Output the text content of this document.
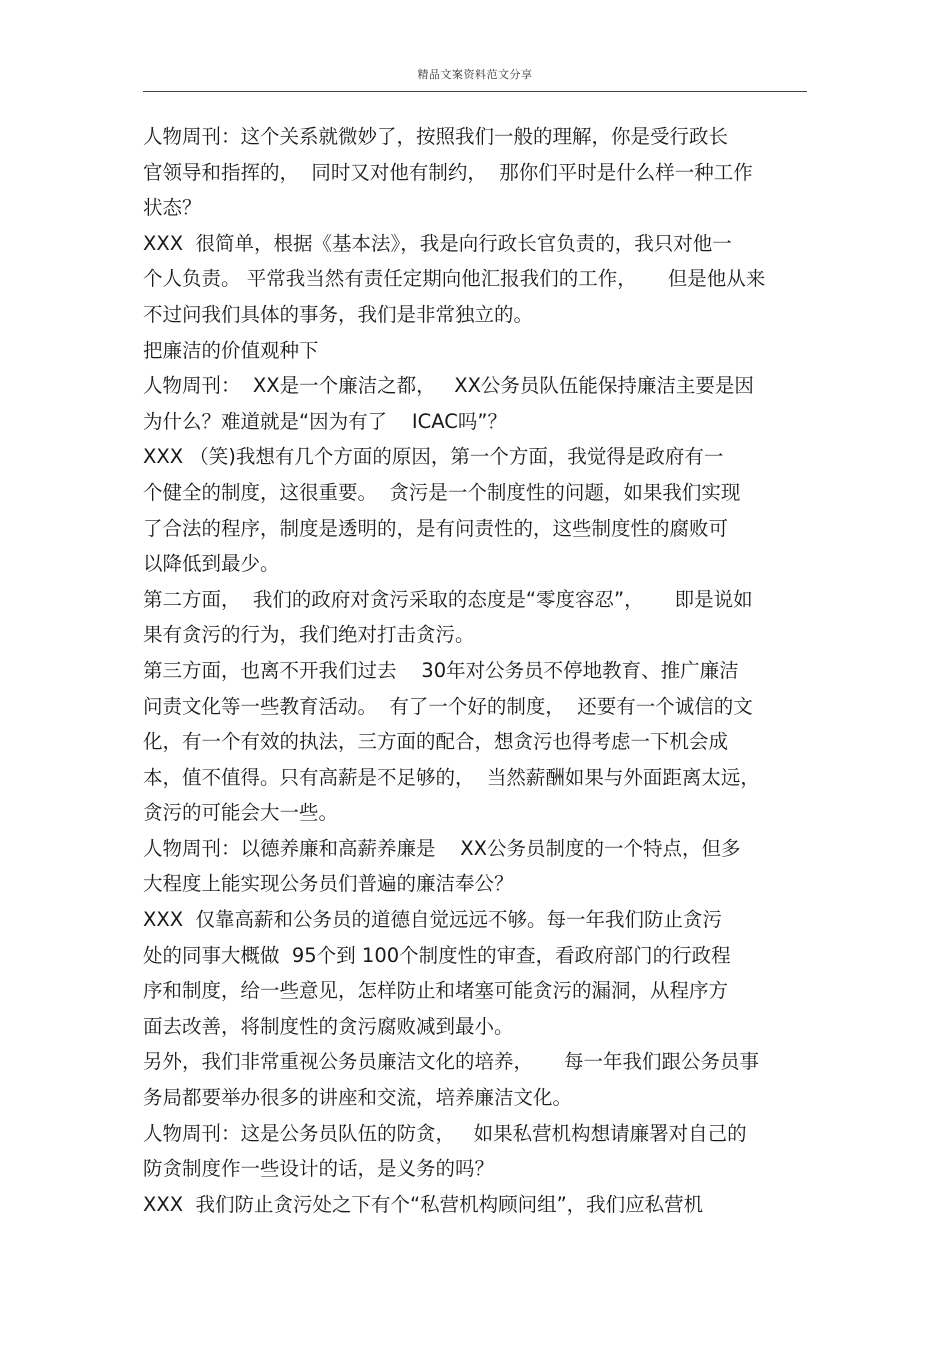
精品文案资料范文分享
人物周刊：这个关系就微妙了，按照我们一般的理解，你是受行政长
官领导和指挥的，  同时又对他有制约，  那你们平时是什么样一种工作
状态？
XXX  很简单，根据《基本法》，我是向行政长官负责的，我只对他一
个人负责。 平常我当然有责任定期向他汇报我们的工作，     但是他从来
不过问我们具体的事务，我们是非常独立的。
把廉洁的价值观种下
人物周刊：  XX是一个廉洁之都，   XX公务员队伍能保持廉洁主要是因
为什么？难道就是“因为有了    ICAC吗”？
XXX （笑)我想有几个方面的原因，第一个方面，我觉得是政府有一
个健全的制度，这很重要。  贪污是一个制度性的问题，如果我们实现
了合法的程序，制度是透明的，是有问责性的，这些制度性的腐败可
以降低到最少。
第二方面，  我们的政府对贪污采取的态度是“零度容忍”，     即是说如
果有贪污的行为，我们绝对打击贪污。
第三方面，也离不开我们过去    30年对公务员不停地教育、推广廉洁
问责文化等一些教育活动。  有了一个好的制度，  还要有一个诚信的文
化，有一个有效的执法，三方面的配合，想贪污也得考虑一下机会成
本，值不值得。只有高薪是不足够的，  当然薪酬如果与外面距离太远，
贪污的可能会大一些。
人物周刊：以德养廉和高薪养廉是    XX公务员制度的一个特点，但多
大程度上能实现公务员们普遍的廉洁奉公？
XXX  仅靠高薪和公务员的道德自觉远远不够。每一年我们防止贪污
处的同事大概做  95个到 100个制度性的审查，看政府部门的行政程
序和制度，给一些意见，怎样防止和堵塞可能贪污的漏洞，从程序方
面去改善，将制度性的贪污腐败减到最小。
另外，我们非常重视公务员廉洁文化的培养，     每一年我们跟公务员事
务局都要举办很多的讲座和交流，培养廉洁文化。
人物周刊：这是公务员队伍的防贪，   如果私营机构想请廉署对自己的
防贪制度作一些设计的话，是义务的吗？
XXX  我们防止贪污处之下有个“私营机构顾问组”，我们应私营机
